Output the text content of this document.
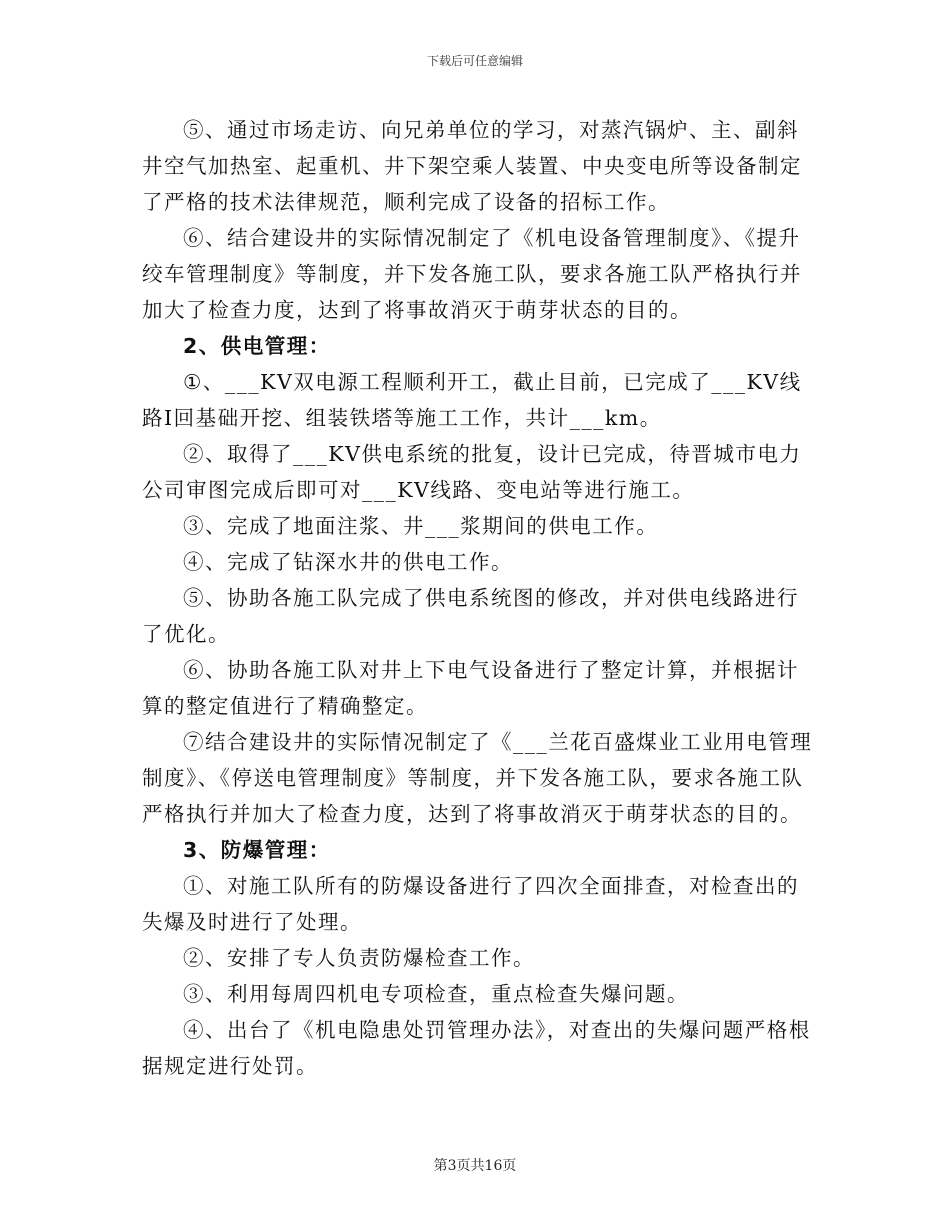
下载后可任意编辑

⑤、通过市场走访、向兄弟单位的学习，对蒸汽锅炉、主、副斜井空气加热室、起重机、井下架空乘人装置、中央变电所等设备制定了严格的技术法律规范，顺利完成了设备的招标工作。

⑥、结合建设井的实际情况制定了《机电设备管理制度》、《提升绞车管理制度》等制度，并下发各施工队，要求各施工队严格执行并加大了检查力度，达到了将事故消灭于萌芽状态的目的。

2、供电管理：

①、___KV双电源工程顺利开工，截止目前，已完成了___KV线路I回基础开挖、组装铁塔等施工工作，共计___km。

②、取得了___KV供电系统的批复，设计已完成，待晋城市电力公司审图完成后即可对___KV线路、变电站等进行施工。

③、完成了地面注浆、井___浆期间的供电工作。

④、完成了钻深水井的供电工作。

⑤、协助各施工队完成了供电系统图的修改，并对供电线路进行了优化。

⑥、协助各施工队对井上下电气设备进行了整定计算，并根据计算的整定值进行了精确整定。

⑦结合建设井的实际情况制定了《___兰花百盛煤业工业用电管理制度》、《停送电管理制度》等制度，并下发各施工队，要求各施工队严格执行并加大了检查力度，达到了将事故消灭于萌芽状态的目的。

3、防爆管理：

①、对施工队所有的防爆设备进行了四次全面排查，对检查出的失爆及时进行了处理。

②、安排了专人负责防爆检查工作。

③、利用每周四机电专项检查，重点检查失爆问题。

④、出台了《机电隐患处罚管理办法》，对查出的失爆问题严格根据规定进行处罚。

第3页共16页
